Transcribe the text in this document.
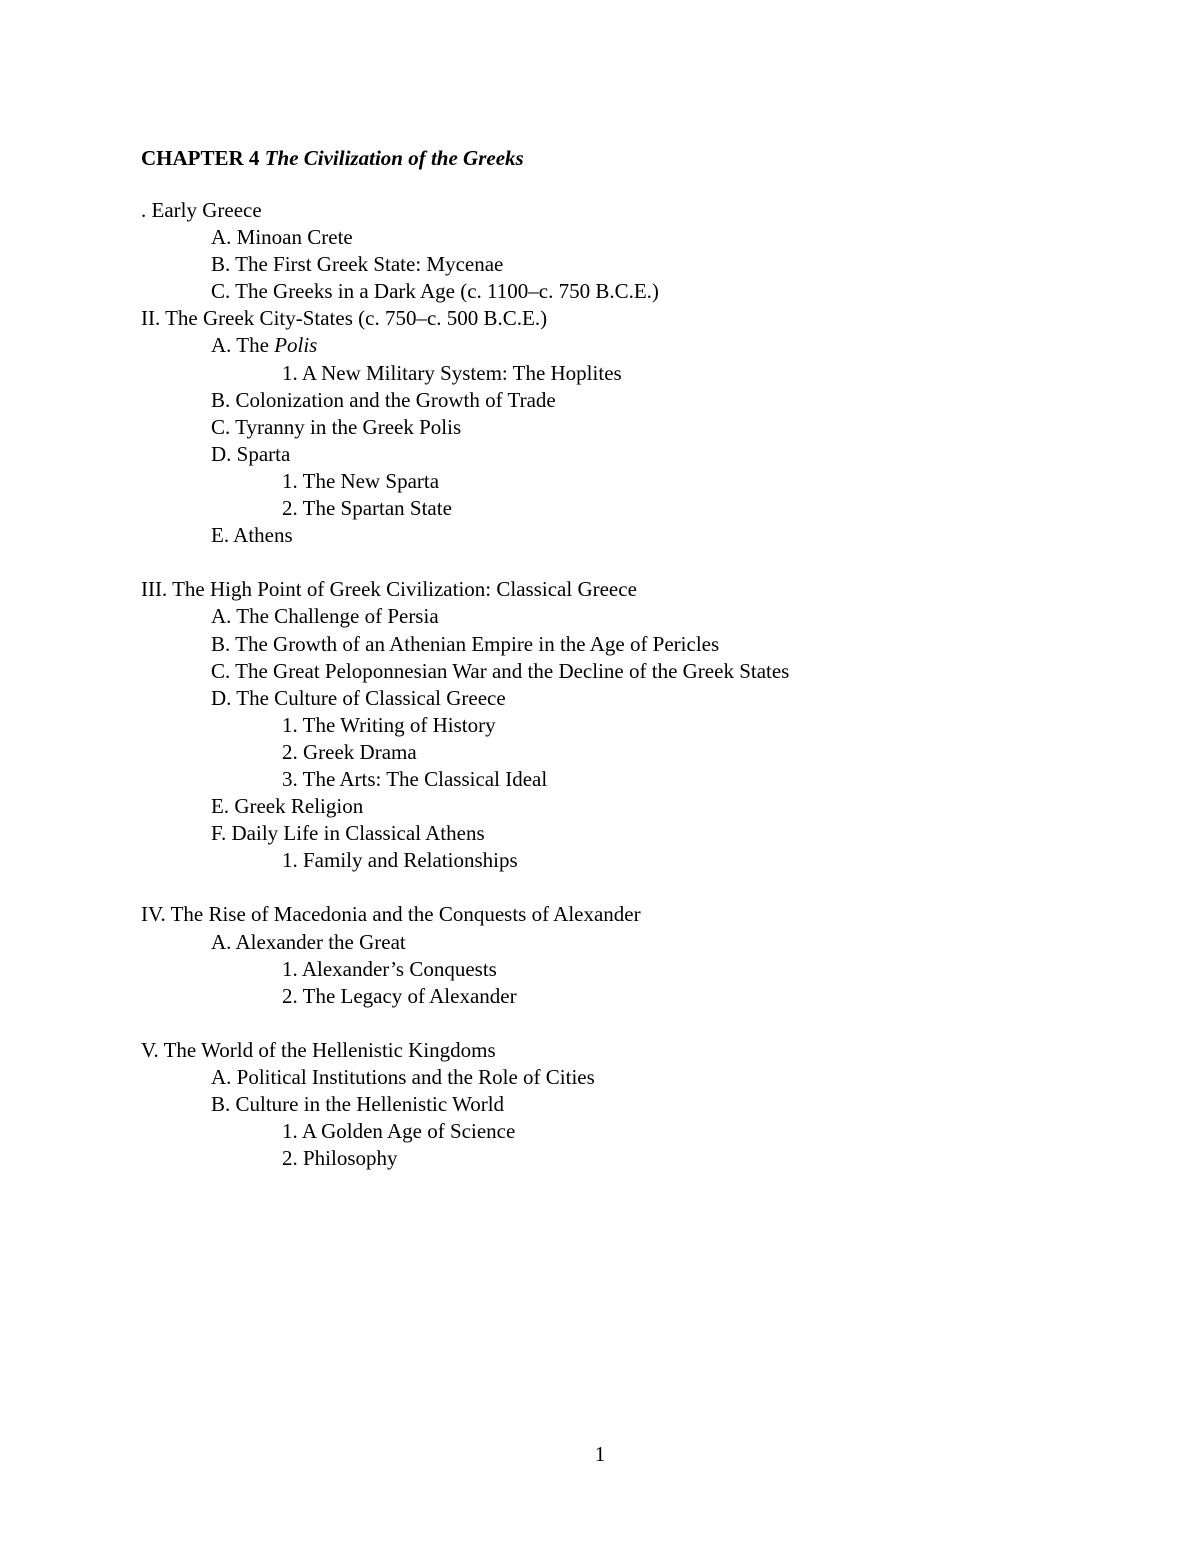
CHAPTER 4 The Civilization of the Greeks
. Early Greece
A. Minoan Crete
B. The First Greek State: Mycenae
C. The Greeks in a Dark Age (c. 1100–c. 750 B.C.E.)
II. The Greek City-States (c. 750–c. 500 B.C.E.)
A. The Polis
1. A New Military System: The Hoplites
B. Colonization and the Growth of Trade
C. Tyranny in the Greek Polis
D. Sparta
1. The New Sparta
2. The Spartan State
E. Athens
III. The High Point of Greek Civilization: Classical Greece
A. The Challenge of Persia
B. The Growth of an Athenian Empire in the Age of Pericles
C. The Great Peloponnesian War and the Decline of the Greek States
D. The Culture of Classical Greece
1. The Writing of History
2. Greek Drama
3. The Arts: The Classical Ideal
E. Greek Religion
F. Daily Life in Classical Athens
1. Family and Relationships
IV. The Rise of Macedonia and the Conquests of Alexander
A. Alexander the Great
1. Alexander’s Conquests
2. The Legacy of Alexander
V. The World of the Hellenistic Kingdoms
A. Political Institutions and the Role of Cities
B. Culture in the Hellenistic World
1. A Golden Age of Science
2. Philosophy
1
